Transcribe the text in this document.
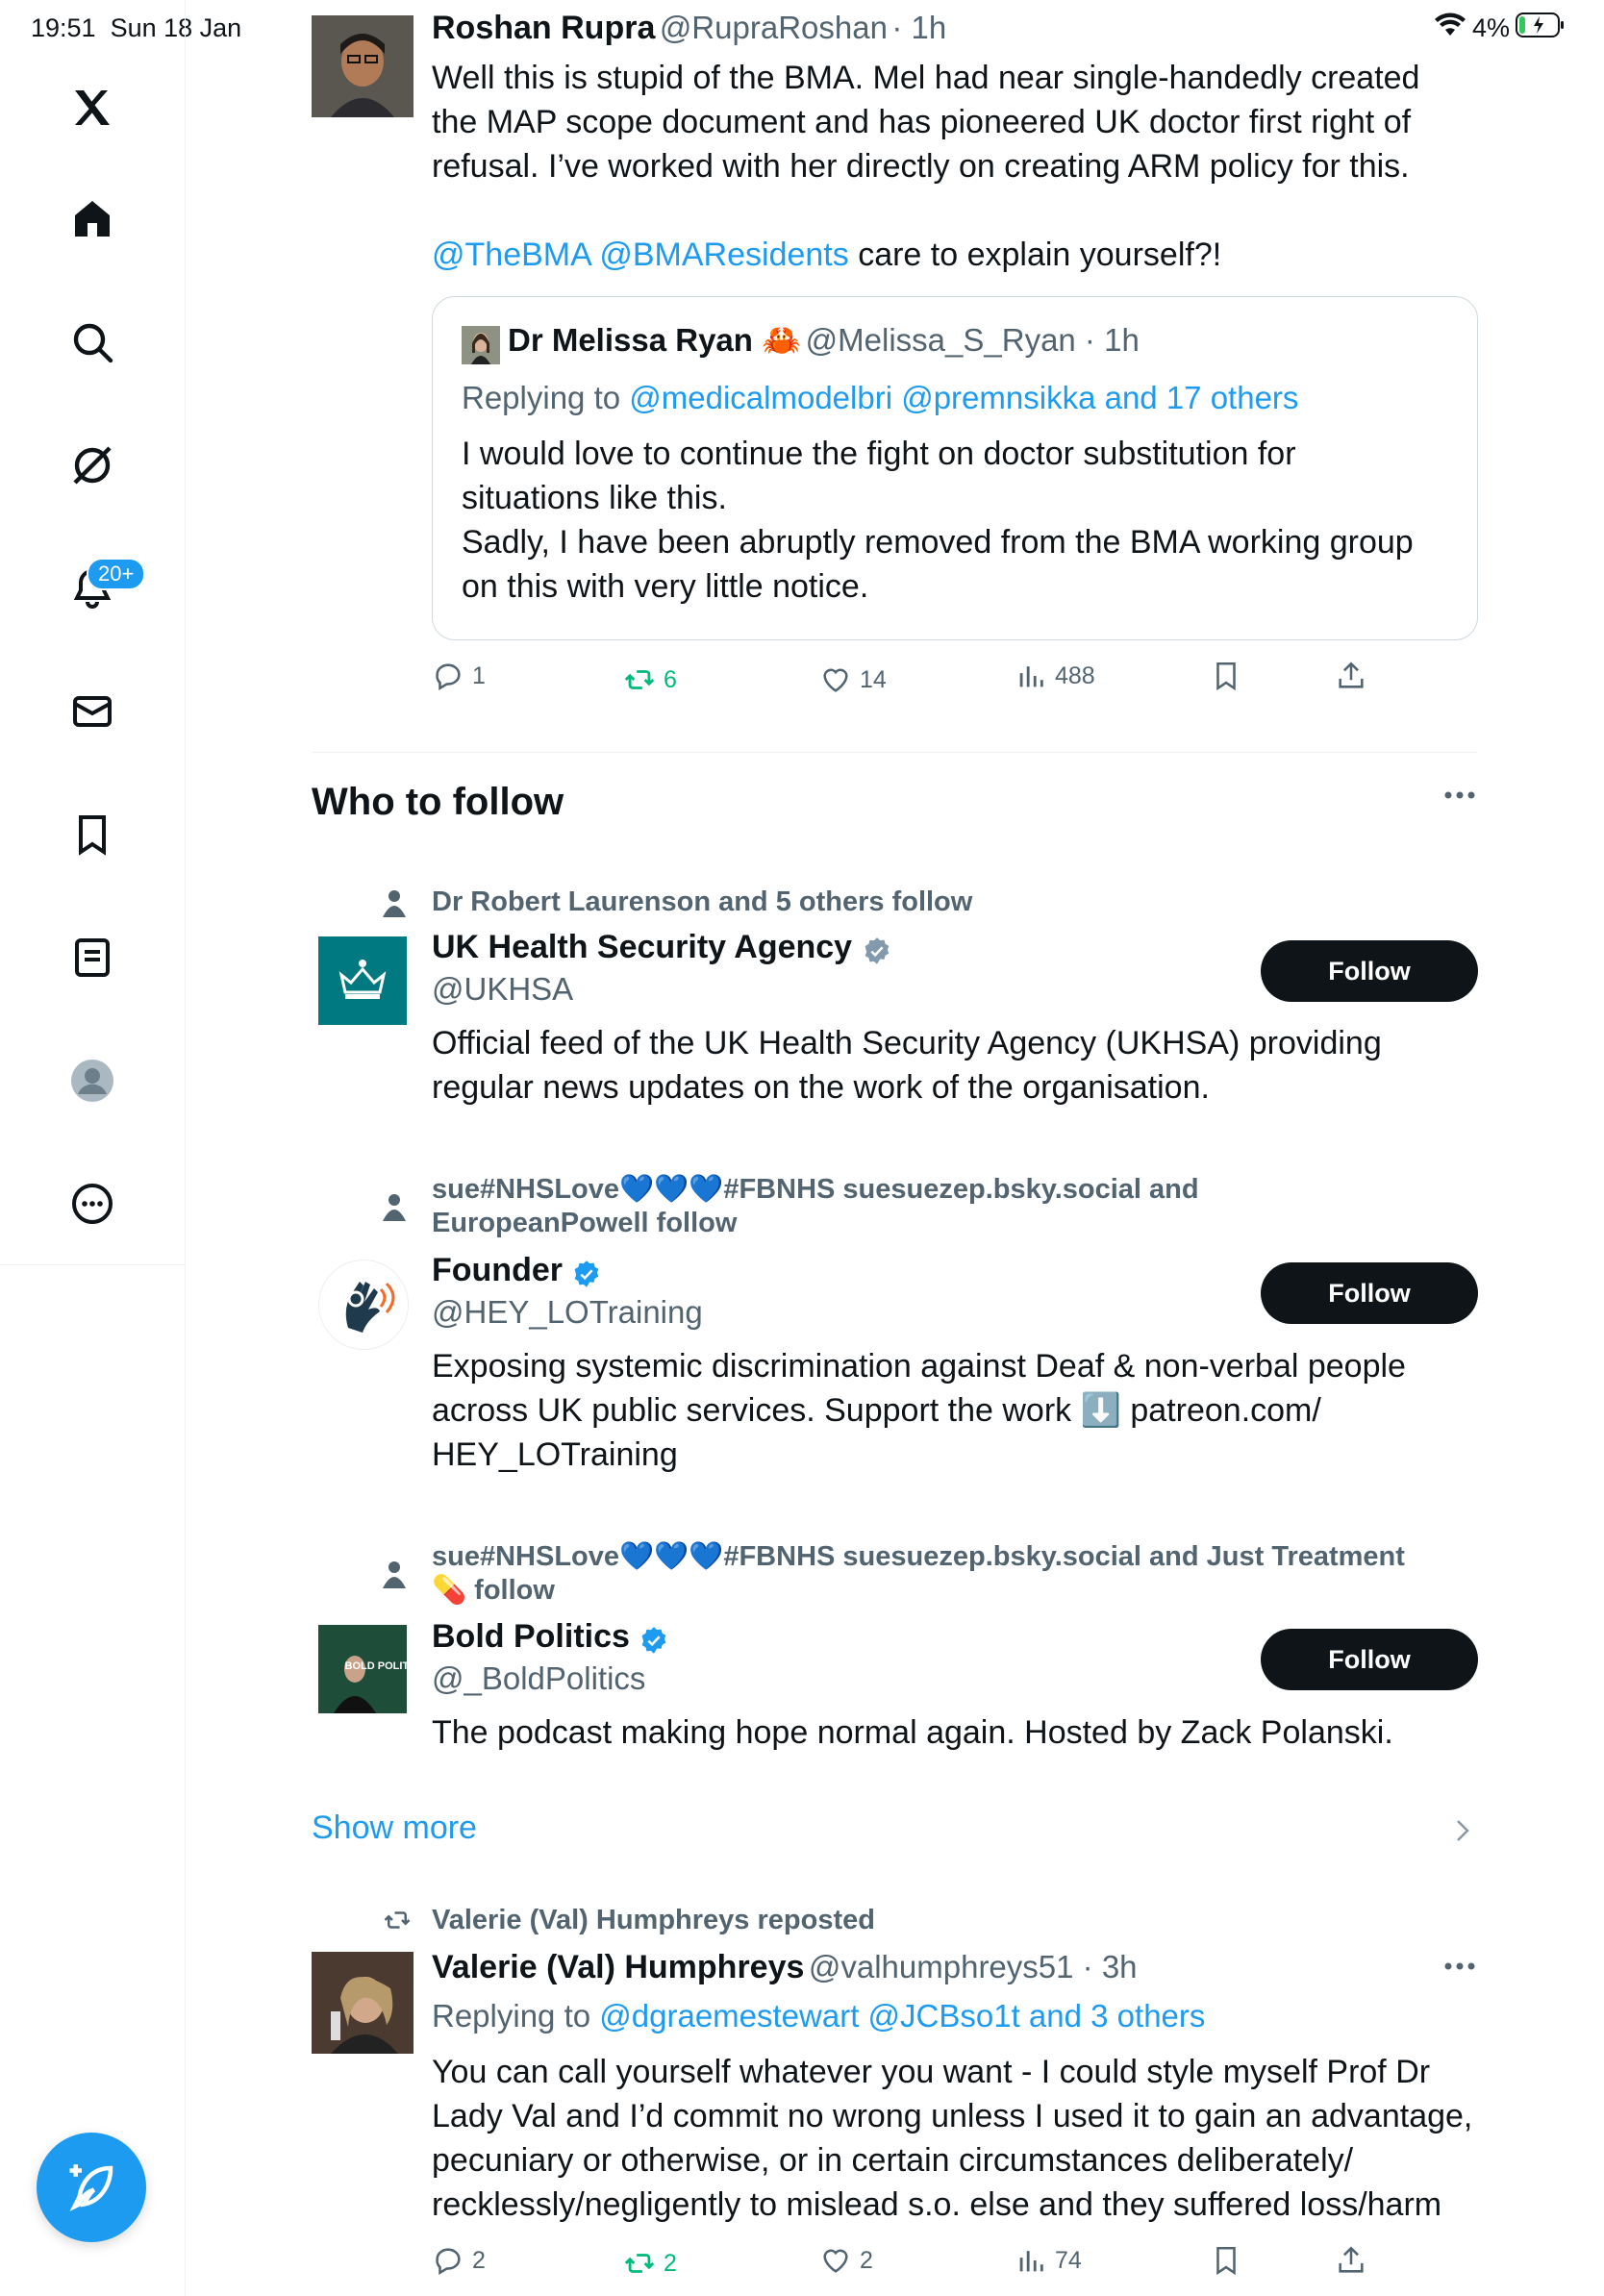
19:51 Sun 18 Jan	4%
20+
Roshan Rupra @RupraRoshan · 1h
Well this is stupid of the BMA. Mel had near single-handedly created
the MAP scope document and has pioneered UK doctor first right of
refusal. I’ve worked with her directly on creating ARM policy for this.
@TheBMA @BMAResidents care to explain yourself?!
Dr Melissa Ryan 🦀 @Melissa_S_Ryan · 1h
Replying to @medicalmodelbri @premnsikka and 17 others
I would love to continue the fight on doctor substitution for
situations like this.
Sadly, I have been abruptly removed from the BMA working group
on this with very little notice.
1	6	14	488
Who to follow
Dr Robert Laurenson and 5 others follow
UK Health Security Agency
@UKHSA
Follow
Official feed of the UK Health Security Agency (UKHSA) providing
regular news updates on the work of the organisation.
sue#NHSLove💙💙💙#FBNHS suesuezep.bsky.social and
EuropeanPowell follow
Founder
@HEY_LOTraining
Follow
Exposing systemic discrimination against Deaf & non-verbal people
across UK public services. Support the work ⬇️ patreon.com/
HEY_LOTraining
sue#NHSLove💙💙💙#FBNHS suesuezep.bsky.social and Just Treatment
💊 follow
BOLD POLITICS
Bold Politics
@_BoldPolitics
Follow
The podcast making hope normal again. Hosted by Zack Polanski.
Show more
Valerie (Val) Humphreys reposted
Valerie (Val) Humphreys @valhumphreys51 · 3h
Replying to @dgraemestewart @JCBso1t and 3 others
You can call yourself whatever you want - I could style myself Prof Dr
Lady Val and I’d commit no wrong unless I used it to gain an advantage,
pecuniary or otherwise, or in certain circumstances deliberately/
recklessly/negligently to mislead s.o. else and they suffered loss/harm
2	2	2	74
